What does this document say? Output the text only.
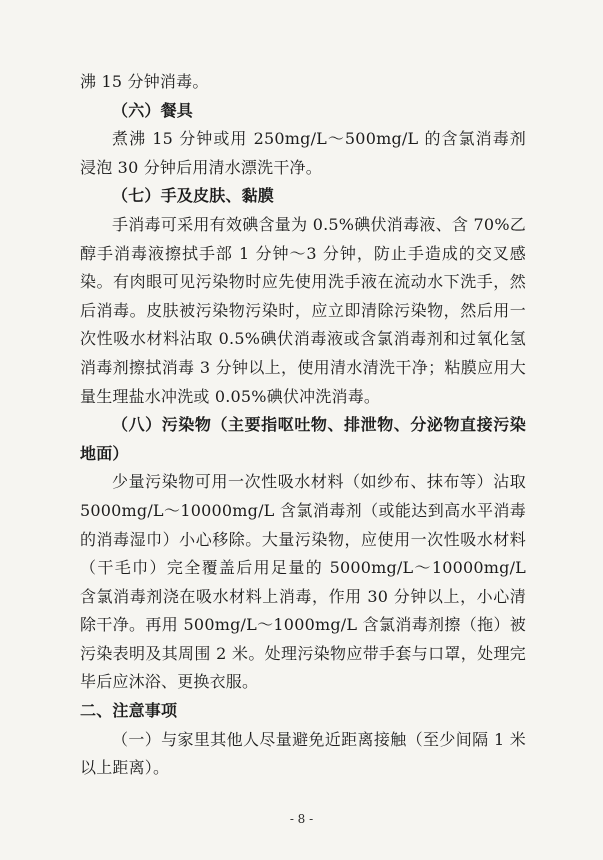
沸 15 分钟消毒。

（六）餐具

煮沸 15 分钟或用 250mg/L～500mg/L 的含氯消毒剂浸泡 30 分钟后用清水漂洗干净。

（七）手及皮肤、黏膜

手消毒可采用有效碘含量为 0.5%碘伏消毒液、含 70%乙醇手消毒液擦拭手部 1 分钟～3 分钟，防止手造成的交叉感染。有肉眼可见污染物时应先使用洗手液在流动水下洗手，然后消毒。皮肤被污染物污染时，应立即清除污染物，然后用一次性吸水材料沾取 0.5%碘伏消毒液或含氯消毒剂和过氧化氢消毒剂擦拭消毒 3 分钟以上，使用清水清洗干净；粘膜应用大量生理盐水冲洗或 0.05%碘伏冲洗消毒。

（八）污染物（主要指呕吐物、排泄物、分泌物直接污染地面）

少量污染物可用一次性吸水材料（如纱布、抹布等）沾取 5000mg/L～10000mg/L 含氯消毒剂（或能达到高水平消毒的消毒湿巾）小心移除。大量污染物，应使用一次性吸水材料（干毛巾）完全覆盖后用足量的 5000mg/L～10000mg/L 含氯消毒剂浇在吸水材料上消毒，作用 30 分钟以上，小心清除干净。再用 500mg/L～1000mg/L 含氯消毒剂擦（拖）被污染表明及其周围 2 米。处理污染物应带手套与口罩，处理完毕后应沐浴、更换衣服。

二、注意事项

（一）与家里其他人尽量避免近距离接触（至少间隔 1 米以上距离）。

- 8 -
